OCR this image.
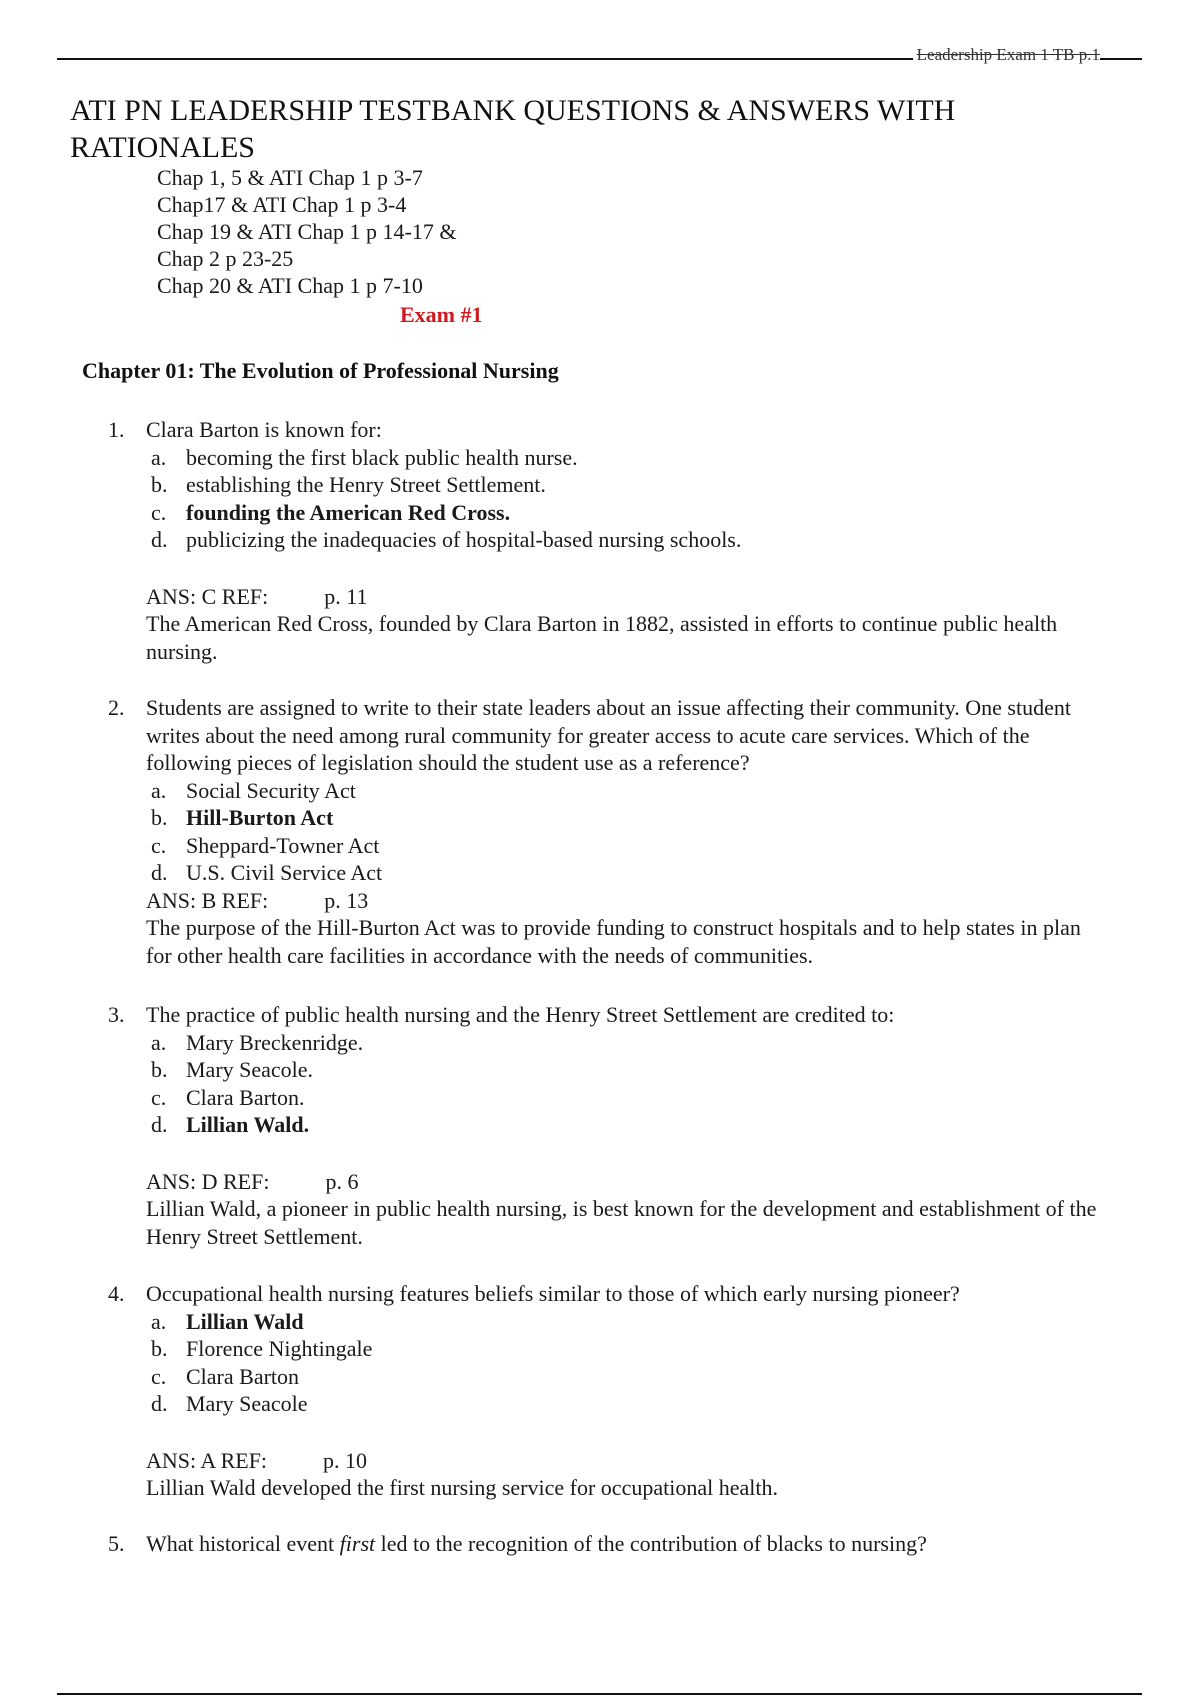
Leadership Exam 1 TB p.1
ATI PN LEADERSHIP TESTBANK QUESTIONS & ANSWERS WITH RATIONALES
Chap 1, 5 & ATI Chap 1 p 3-7
Chap17 & ATI Chap 1 p 3-4
Chap 19 & ATI Chap 1 p 14-17 &
Chap 2 p 23-25
Chap 20 & ATI Chap 1 p 7-10
Exam #1
Chapter 01: The Evolution of Professional Nursing
1. Clara Barton is known for:
a. becoming the first black public health nurse.
b. establishing the Henry Street Settlement.
c. founding the American Red Cross.
d. publicizing the inadequacies of hospital-based nursing schools.
ANS: C REF:	p. 11
The American Red Cross, founded by Clara Barton in 1882, assisted in efforts to continue public health nursing.
2. Students are assigned to write to their state leaders about an issue affecting their community. One student writes about the need among rural community for greater access to acute care services. Which of the following pieces of legislation should the student use as a reference?
a. Social Security Act
b. Hill-Burton Act
c. Sheppard-Towner Act
d. U.S. Civil Service Act
ANS: B REF:	p. 13
The purpose of the Hill-Burton Act was to provide funding to construct hospitals and to help states in plan for other health care facilities in accordance with the needs of communities.
3. The practice of public health nursing and the Henry Street Settlement are credited to:
a. Mary Breckenridge.
b. Mary Seacole.
c. Clara Barton.
d. Lillian Wald.
ANS: D REF:	p. 6
Lillian Wald, a pioneer in public health nursing, is best known for the development and establishment of the Henry Street Settlement.
4. Occupational health nursing features beliefs similar to those of which early nursing pioneer?
a. Lillian Wald
b. Florence Nightingale
c. Clara Barton
d. Mary Seacole
ANS: A REF:	p. 10
Lillian Wald developed the first nursing service for occupational health.
5. What historical event first led to the recognition of the contribution of blacks to nursing?
